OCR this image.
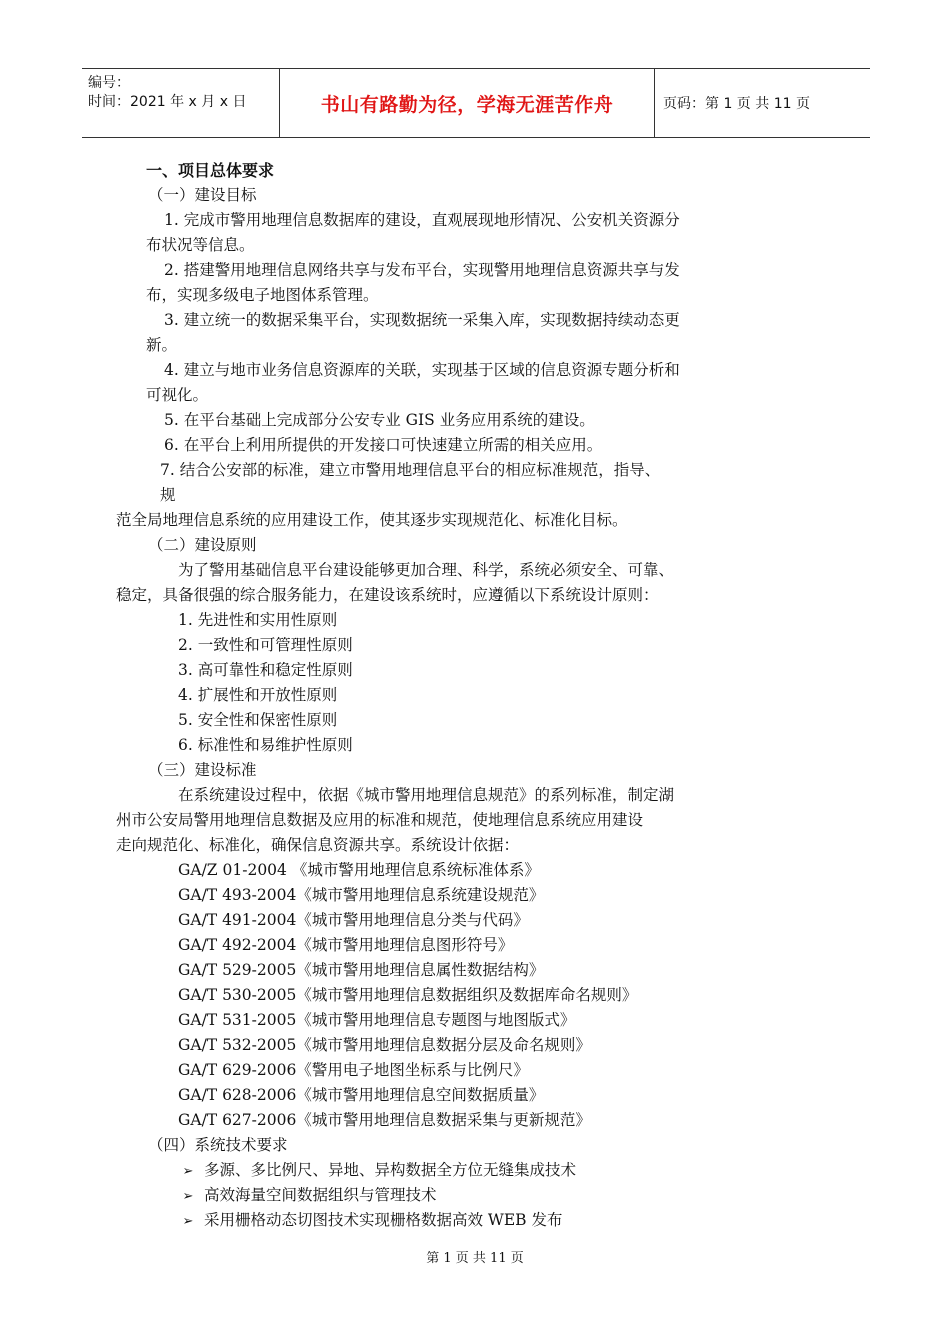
编号：
时间：2021 年 x 月 x 日	书山有路勤为径，学海无涯苦作舟	页码：第 1 页 共 11 页
一、项目总体要求
（一）建设目标
1. 完成市警用地理信息数据库的建设，直观展现地形情况、公安机关资源分
布状况等信息。
2. 搭建警用地理信息网络共享与发布平台，实现警用地理信息资源共享与发
布，实现多级电子地图体系管理。
3. 建立统一的数据采集平台，实现数据统一采集入库，实现数据持续动态更
新。
4. 建立与地市业务信息资源库的关联，实现基于区域的信息资源专题分析和
可视化。
5. 在平台基础上完成部分公安专业 GIS 业务应用系统的建设。
6. 在平台上利用所提供的开发接口可快速建立所需的相关应用。
7. 结合公安部的标准，建立市警用地理信息平台的相应标准规范，指导、
规
范全局地理信息系统的应用建设工作，使其逐步实现规范化、标准化目标。
（二）建设原则
为了警用基础信息平台建设能够更加合理、科学，系统必须安全、可靠、
稳定，具备很强的综合服务能力，在建设该系统时，应遵循以下系统设计原则：
1. 先进性和实用性原则
2. 一致性和可管理性原则
3. 高可靠性和稳定性原则
4. 扩展性和开放性原则
5. 安全性和保密性原则
6. 标准性和易维护性原则
（三）建设标准
在系统建设过程中，依据《城市警用地理信息规范》的系列标准，制定湖
州市公安局警用地理信息数据及应用的标准和规范，使地理信息系统应用建设
走向规范化、标准化，确保信息资源共享。系统设计依据：
GA/Z 01-2004 《城市警用地理信息系统标准体系》
GA/T 493-2004《城市警用地理信息系统建设规范》
GA/T 491-2004《城市警用地理信息分类与代码》
GA/T 492-2004《城市警用地理信息图形符号》
GA/T 529-2005《城市警用地理信息属性数据结构》
GA/T 530-2005《城市警用地理信息数据组织及数据库命名规则》
GA/T 531-2005《城市警用地理信息专题图与地图版式》
GA/T 532-2005《城市警用地理信息数据分层及命名规则》
GA/T 629-2006《警用电子地图坐标系与比例尺》
GA/T 628-2006《城市警用地理信息空间数据质量》
GA/T 627-2006《城市警用地理信息数据采集与更新规范》
（四）系统技术要求
➢ 多源、多比例尺、异地、异构数据全方位无缝集成技术
➢ 高效海量空间数据组织与管理技术
➢ 采用栅格动态切图技术实现栅格数据高效 WEB 发布
第 1 页 共 11 页
